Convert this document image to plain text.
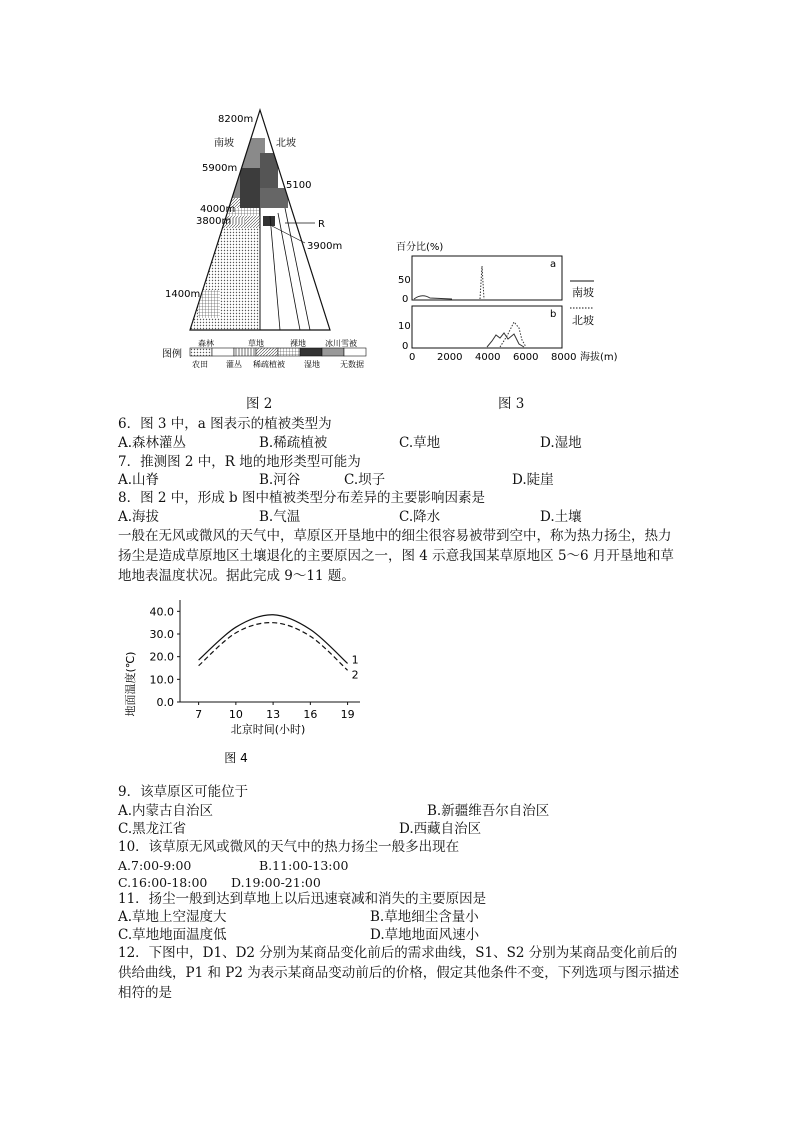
8200m
南坡	北坡
5900m
5100
4000m
3800m	R
3900m
1400m
图例
森林	草地	裸地 冰川雪被
农田 灌丛 稀疏植被 湿地	无数据
图 2
百分比(%)
a
50
0
b
10
0
0 2000 4000 6000 8000 海拔(m)
南坡
北坡
图 3
6．图 3 中，a 图表示的植被类型为
A.森林灌丛	B.稀疏植被	C.草地	D.湿地
7．推测图 2 中，R 地的地形类型可能为
A.山脊	B.河谷	C.坝子	D.陡崖
8．图 2 中，形成 b 图中植被类型分布差异的主要影响因素是
A.海拔	B.气温	C.降水	D.土壤
一般在无风或微风的天气中，草原区开垦地中的细尘很容易被带到空中，称为热力扬尘，热力扬尘是造成草原地区土壤退化的主要原因之一，图 4 示意我国某草原地区 5～6 月开垦地和草地地表温度状况。据此完成 9～11 题。
地面温度(℃)
40.0
30.0
20.0
10.0
0.0
7 10 13 16 19
1
2
北京时间(小时)
图 4
9．该草原区可能位于
A.内蒙古自治区	B.新疆维吾尔自治区
C.黑龙江省	D.西藏自治区
10．该草原无风或微风的天气中的热力扬尘一般多出现在
A.7:00-9:00	B.11:00-13:00
C.16:00-18:00 D.19:00-21:00
11．扬尘一般到达到草地上以后迅速衰减和消失的主要原因是
A.草地上空湿度大	B.草地细尘含量小
C.草地地面温度低	D.草地地面风速小
12．下图中，D1、D2 分别为某商品变化前后的需求曲线，S1、S2 分别为某商品变化前后的供给曲线，P1 和 P2 为表示某商品变动前后的价格，假定其他条件不变，下列选项与图示描述相符的是
